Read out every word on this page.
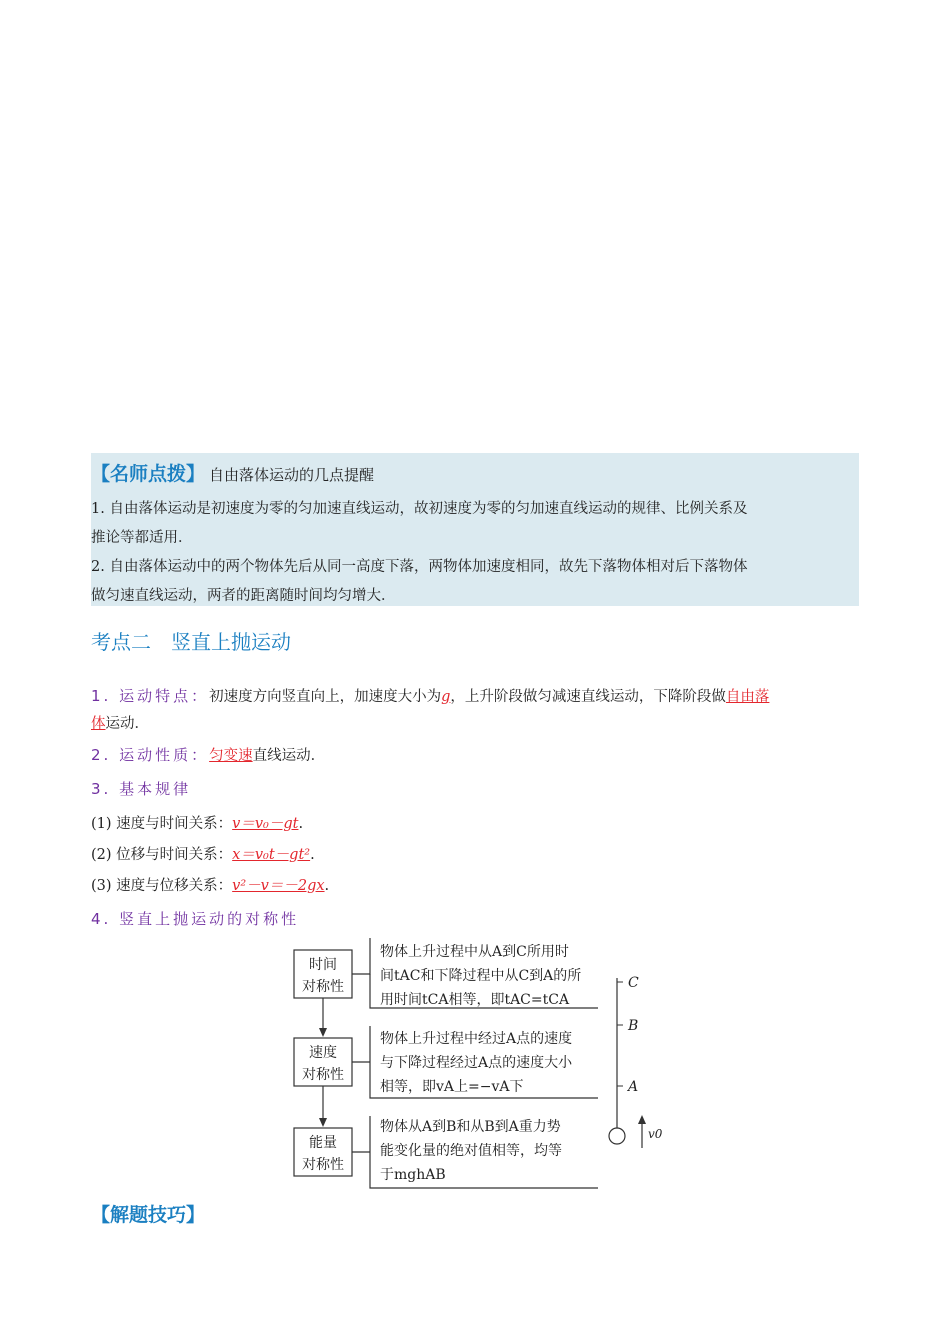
【名师点拨】 自由落体运动的几点提醒
1. 自由落体运动是初速度为零的匀加速直线运动，故初速度为零的匀加速直线运动的规律、比例关系及
推论等都适用．
2. 自由落体运动中的两个物体先后从同一高度下落，两物体加速度相同，故先下落物体相对后下落物体
做匀速直线运动，两者的距离随时间均匀增大．
考点二　竖直上抛运动
1. 运动特点：初速度方向竖直向上，加速度大小为g，上升阶段做匀减速直线运动，下降阶段做自由落
体运动．
2. 运动性质：匀变速直线运动．
3. 基本规律
(1) 速度与时间关系：v＝v₀－gt.
(2) 位移与时间关系：x＝v₀t－gt².
(3) 速度与位移关系：v²－v＝－2gx.
4. 竖直上抛运动的对称性
时间
对称性
速度
对称性
能量
对称性
物体上升过程中从A到C所用时
间tAC和下降过程中从C到A的所
用时间tCA相等，即tAC=tCA
物体上升过程中经过A点的速度
与下降过程经过A点的速度大小
相等，即vA上=−vA下
物体从A到B和从B到A重力势
能变化量的绝对值相等，均等
于mghAB
C
B
A
v0
【解题技巧】
